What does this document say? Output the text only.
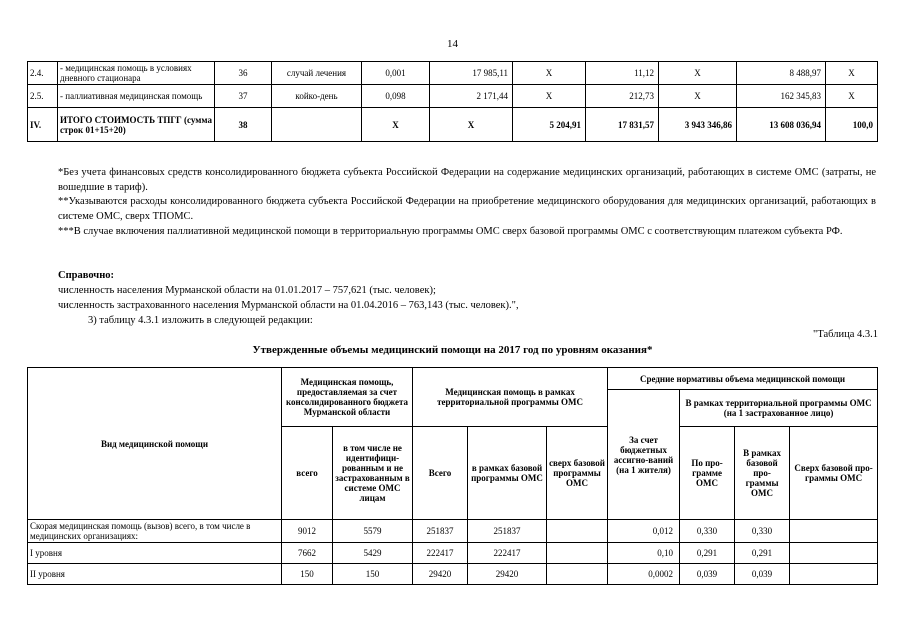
14
2.4.	- медицинская помощь в условиях дневного стационара	36	случай лечения	0,001	17 985,11	Х	11,12	Х	8 488,97	Х
2.5.	- паллиативная медицинская помощь	37	койко-день	0,098	2 171,44	Х	212,73	Х	162 345,83	Х
IV.	ИТОГО СТОИМОСТЬ ТПГГ (сумма строк 01+15+20)	38		Х	Х	5 204,91	17 831,57	3 943 346,86	13 608 036,94	100,0
*Без учета финансовых средств консолидированного бюджета субъекта Российской Федерации на содержание медицинских организаций, работающих в системе ОМС (затраты, не вошедшие в тариф).
**Указываются расходы консолидированного бюджета субъекта Российской Федерации на приобретение медицинского оборудования для медицинских организаций, работающих в системе ОМС, сверх ТПОМС.
***В случае включения паллиативной медицинской помощи в территориальную программы ОМС сверх базовой программы ОМС с соответствующим платежом субъекта РФ.
Справочно:
численность населения Мурманской области на 01.01.2017 – 757,621 (тыс. человек);
численность застрахованного населения Мурманской области на 01.04.2016 – 763,143 (тыс. человек).",
3) таблицу 4.3.1 изложить в следующей редакции:
"Таблица 4.3.1
Утвержденные объемы медицинский помощи на 2017 год по уровням оказания*
Вид медицинской помощи	Медицинская помощь, предоставляемая за счет консолидированного бюджета Мурманской области		Медицинская помощь в рамках территориальной программы ОМС			Средние нормативы объема медицинской помощи			
						За счет бюджетных ассигно-ваний (на 1 жителя)	В рамках территориальной программы ОМС (на 1 застрахованное лицо)		
	всего	в том числе не идентифици-рованным и не застрахованным в системе ОМС лицам	Всего	в рамках базовой программы ОМС	сверх базовой программы ОМС		По про-грамме ОМС	В рамках базовой про-граммы ОМС	Сверх базовой про-граммы ОМС
Скорая медицинская помощь (вызов) всего, в том числе в медицинских организациях:	9012	5579	251837	251837		0,012	0,330	0,330	
I уровня	7662	5429	222417	222417		0,10	0,291	0,291	
II уровня	150	150	29420	29420		0,0002	0,039	0,039	
